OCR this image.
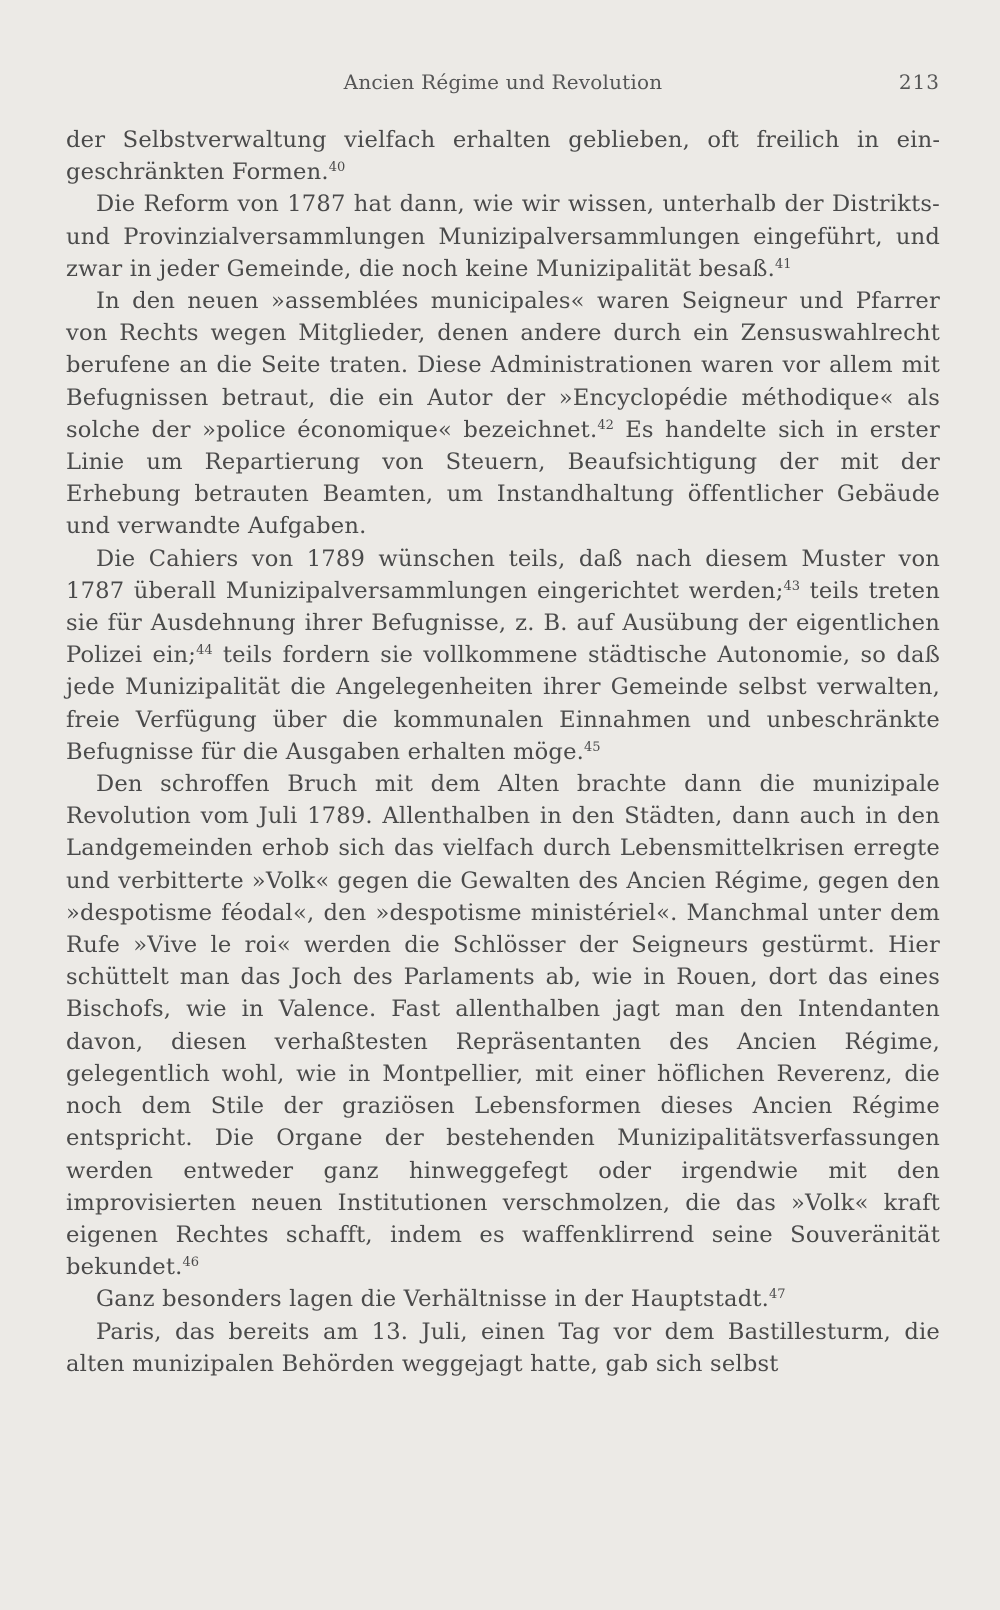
Ancien Régime und Revolution	213

der Selbstverwaltung vielfach erhalten geblieben, oft freilich in eingeschränkten Formen.$^{40}$

Die Reform von 1787 hat dann, wie wir wissen, unterhalb der Distrikts- und Provinzialversammlungen Munizipalversammlungen eingeführt, und zwar in jeder Gemeinde, die noch keine Munizipalität besaß.$^{41}$

In den neuen »assemblées municipales« waren Seigneur und Pfarrer von Rechts wegen Mitglieder, denen andere durch ein Zensuswahlrecht berufene an die Seite traten. Diese Administrationen waren vor allem mit Befugnissen betraut, die ein Autor der »Encyclopédie méthodique« als solche der »police économique« bezeichnet.$^{42}$ Es handelte sich in erster Linie um Repartierung von Steuern, Beaufsichtigung der mit der Erhebung betrauten Beamten, um Instandhaltung öffentlicher Gebäude und verwandte Aufgaben.

Die Cahiers von 1789 wünschen teils, daß nach diesem Muster von 1787 überall Munizipalversammlungen eingerichtet werden;$^{43}$ teils treten sie für Ausdehnung ihrer Befugnisse, z. B. auf Ausübung der eigentlichen Polizei ein;$^{44}$ teils fordern sie vollkommene städtische Autonomie, so daß jede Munizipalität die Angelegenheiten ihrer Gemeinde selbst verwalten, freie Verfügung über die kommunalen Einnahmen und unbeschränkte Befugnisse für die Ausgaben erhalten möge.$^{45}$

Den schroffen Bruch mit dem Alten brachte dann die munizipale Revolution vom Juli 1789. Allenthalben in den Städten, dann auch in den Landgemeinden erhob sich das vielfach durch Lebensmittelkrisen erregte und verbitterte »Volk« gegen die Gewalten des Ancien Régime, gegen den »despotisme féodal«, den »despotisme ministériel«. Manchmal unter dem Rufe »Vive le roi« werden die Schlösser der Seigneurs gestürmt. Hier schüttelt man das Joch des Parlaments ab, wie in Rouen, dort das eines Bischofs, wie in Valence. Fast allenthalben jagt man den Intendanten davon, diesen verhaßtesten Repräsentanten des Ancien Régime, gelegentlich wohl, wie in Montpellier, mit einer höflichen Reverenz, die noch dem Stile der graziösen Lebensformen dieses Ancien Régime entspricht. Die Organe der bestehenden Munizipalitätsverfassungen werden entweder ganz hinweggefegt oder irgendwie mit den improvisierten neuen Institutionen verschmolzen, die das »Volk« kraft eigenen Rechtes schafft, indem es waffenklirrend seine Souveränität bekundet.$^{46}$

Ganz besonders lagen die Verhältnisse in der Hauptstadt.$^{47}$

Paris, das bereits am 13. Juli, einen Tag vor dem Bastillesturm, die alten munizipalen Behörden weggejagt hatte, gab sich selbst
